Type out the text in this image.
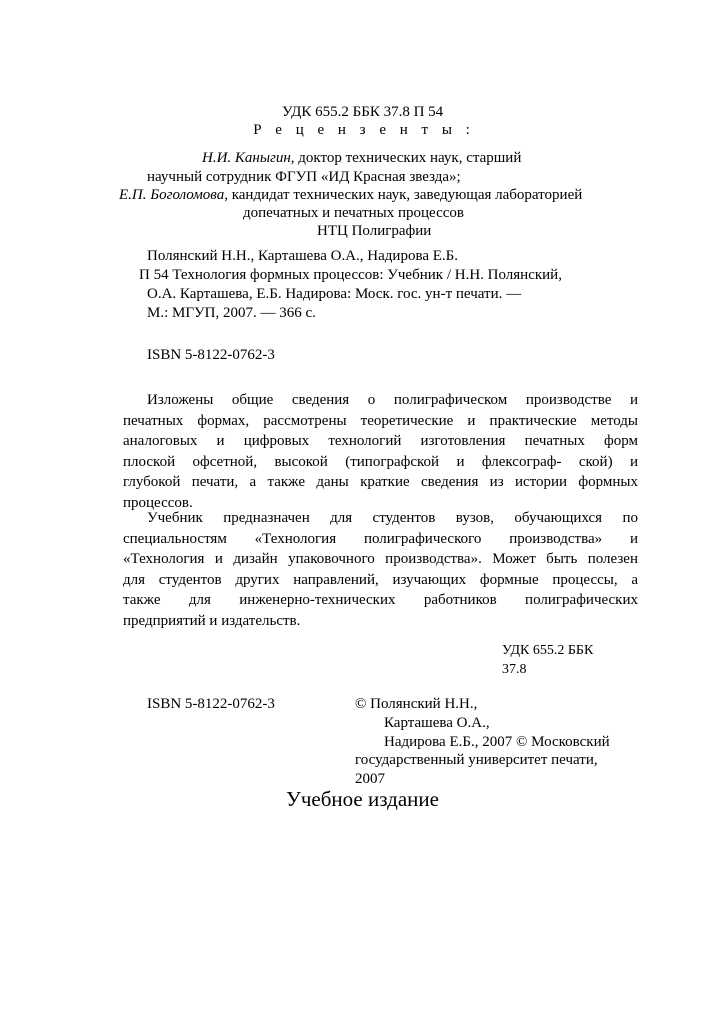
УДК 655.2 ББК 37.8 П 54
Р е ц е н з е н т ы :
Н.И. Каныгин, доктор технических наук, старший
научный сотрудник ФГУП «ИД Красная звезда»;
Е.П. Боголомова, кандидат технических наук, заведующая лабораторией
допечатных и печатных процессов
НТЦ Полиграфии
Полянский Н.Н., Карташева О.А., Надирова Е.Б.
П 54 Технология формных процессов: Учебник / Н.Н. Полянский,
О.А. Карташева, Е.Б. Надирова: Моск. гос. ун-т печати. —
М.: МГУП, 2007. — 366 с.
ISBN 5-8122-0762-3
Изложены общие сведения о полиграфическом производстве и
печатных формах, рассмотрены теоретические и практические методы
аналоговых и цифровых технологий изготовления печатных форм
плоской офсетной, высокой (типографской и флексограф- ской) и
глубокой печати, а также даны краткие сведения из истории формных
процессов.
Учебник предназначен для студентов вузов, обучающихся по
специальностям «Технология полиграфического производства» и
«Технология и дизайн упаковочного производства». Может быть полезен
для студентов других направлений, изучающих формные процессы, а
также для инженерно-технических работников полиграфических
предприятий и издательств.
УДК 655.2 ББК
37.8
ISBN 5-8122-0762-3	© Полянский Н.Н.,
Карташева О.А.,
Надирова Е.Б., 2007 © Московский
государственный университет печати,
2007
Учебное издание
